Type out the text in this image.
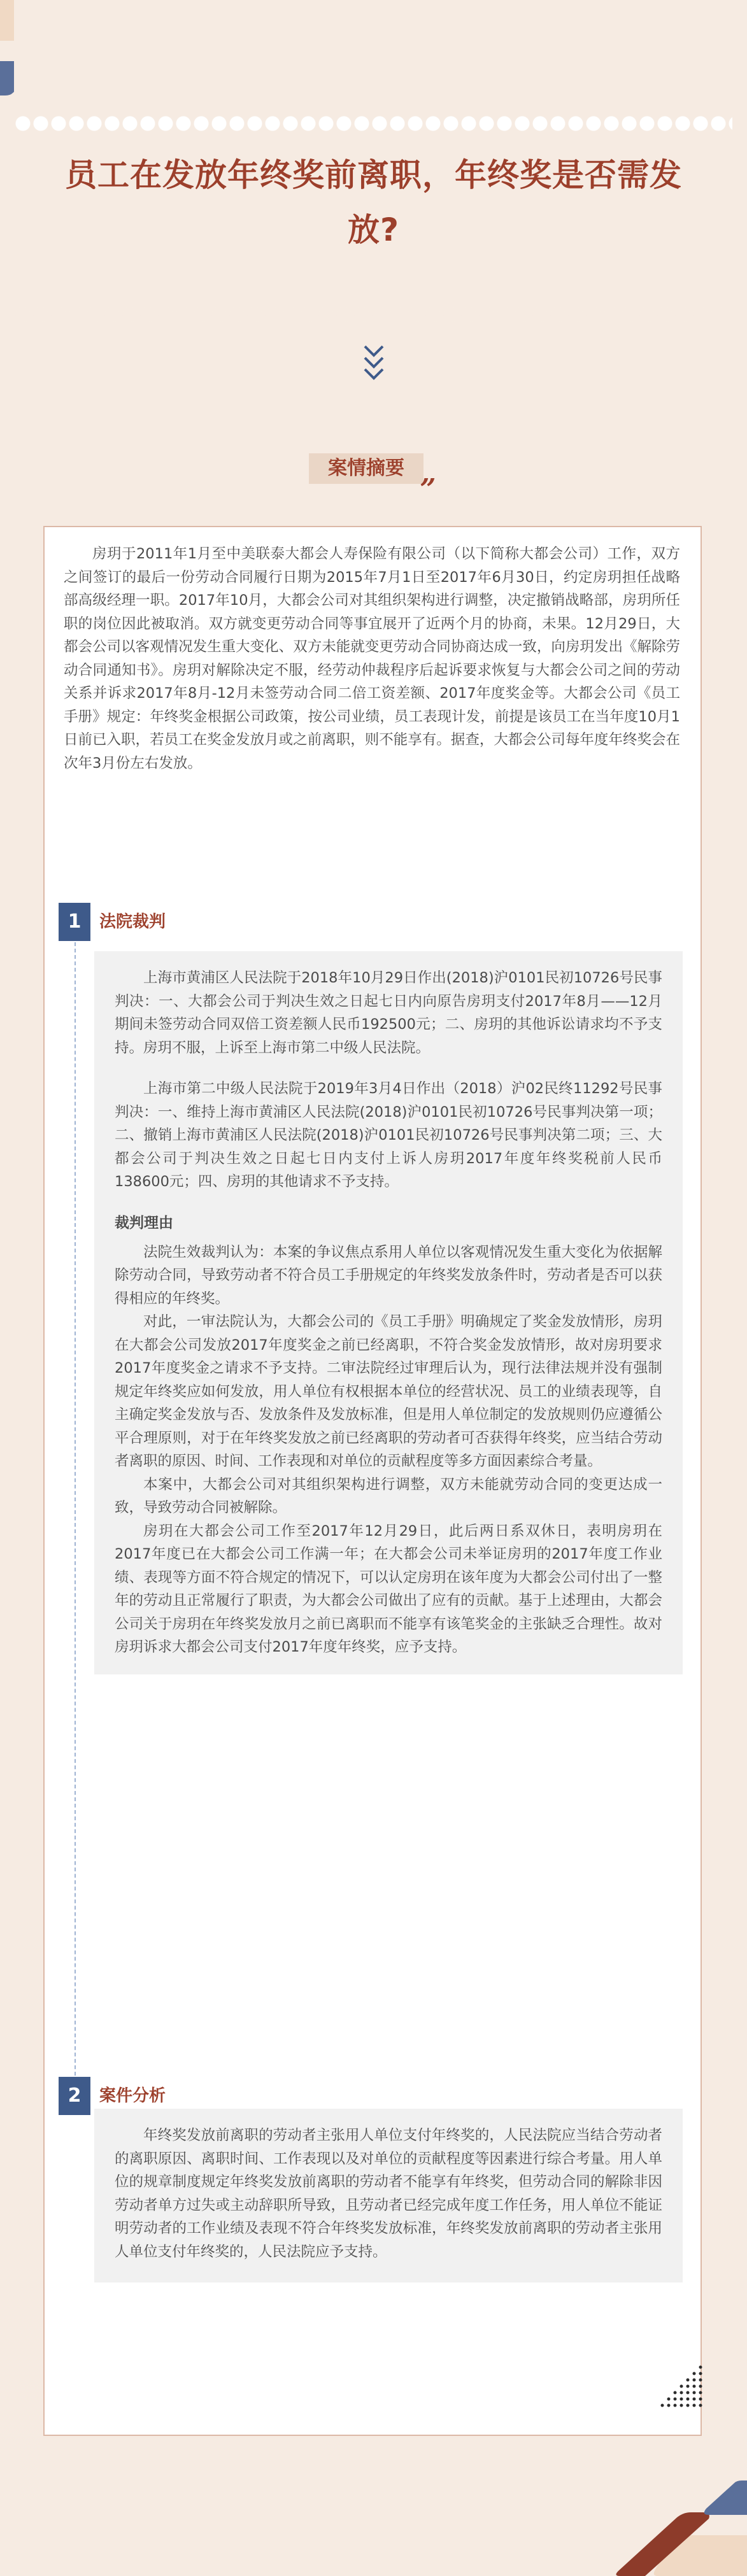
员工在发放年终奖前离职，年终奖是否需发放?
案情摘要 „

房玥于2011年1月至中美联泰大都会人寿保险有限公司（以下简称大都会公司）工作，双方之间签订的最后一份劳动合同履行日期为2015年7月1日至2017年6月30日，约定房玥担任战略部高级经理一职。2017年10月，大都会公司对其组织架构进行调整，决定撤销战略部，房玥所任职的岗位因此被取消。双方就变更劳动合同等事宜展开了近两个月的协商，未果。12月29日，大都会公司以客观情况发生重大变化、双方未能就变更劳动合同协商达成一致，向房玥发出《解除劳动合同通知书》。房玥对解除决定不服，经劳动仲裁程序后起诉要求恢复与大都会公司之间的劳动关系并诉求2017年8月-12月未签劳动合同二倍工资差额、2017年度奖金等。大都会公司《员工手册》规定：年终奖金根据公司政策，按公司业绩，员工表现计发，前提是该员工在当年度10月1日前已入职，若员工在奖金发放月或之前离职，则不能享有。据查，大都会公司每年度年终奖会在次年3月份左右发放。

1	法院裁判

上海市黄浦区人民法院于2018年10月29日作出(2018)沪0101民初10726号民事判决：一、大都会公司于判决生效之日起七日内向原告房玥支付2017年8月——12月期间未签劳动合同双倍工资差额人民币192500元；二、房玥的其他诉讼请求均不予支持。房玥不服，上诉至上海市第二中级人民法院。

上海市第二中级人民法院于2019年3月4日作出（2018）沪02民终11292号民事判决：一、维持上海市黄浦区人民法院(2018)沪0101民初10726号民事判决第一项；二、撤销上海市黄浦区人民法院(2018)沪0101民初10726号民事判决第二项；三、大都会公司于判决生效之日起七日内支付上诉人房玥2017年度年终奖税前人民币138600元；四、房玥的其他请求不予支持。

裁判理由

法院生效裁判认为：本案的争议焦点系用人单位以客观情况发生重大变化为依据解除劳动合同，导致劳动者不符合员工手册规定的年终奖发放条件时，劳动者是否可以获得相应的年终奖。

对此，一审法院认为，大都会公司的《员工手册》明确规定了奖金发放情形，房玥在大都会公司发放2017年度奖金之前已经离职，不符合奖金发放情形，故对房玥要求2017年度奖金之请求不予支持。二审法院经过审理后认为，现行法律法规并没有强制规定年终奖应如何发放，用人单位有权根据本单位的经营状况、员工的业绩表现等，自主确定奖金发放与否、发放条件及发放标准，但是用人单位制定的发放规则仍应遵循公平合理原则，对于在年终奖发放之前已经离职的劳动者可否获得年终奖，应当结合劳动者离职的原因、时间、工作表现和对单位的贡献程度等多方面因素综合考量。

本案中，大都会公司对其组织架构进行调整，双方未能就劳动合同的变更达成一致，导致劳动合同被解除。

房玥在大都会公司工作至2017年12月29日，此后两日系双休日，表明房玥在2017年度已在大都会公司工作满一年；在大都会公司未举证房玥的2017年度工作业绩、表现等方面不符合规定的情况下，可以认定房玥在该年度为大都会公司付出了一整年的劳动且正常履行了职责，为大都会公司做出了应有的贡献。基于上述理由，大都会公司关于房玥在年终奖发放月之前已离职而不能享有该笔奖金的主张缺乏合理性。故对房玥诉求大都会公司支付2017年度年终奖，应予支持。

2	案件分析

年终奖发放前离职的劳动者主张用人单位支付年终奖的，人民法院应当结合劳动者的离职原因、离职时间、工作表现以及对单位的贡献程度等因素进行综合考量。用人单位的规章制度规定年终奖发放前离职的劳动者不能享有年终奖，但劳动合同的解除非因劳动者单方过失或主动辞职所导致，且劳动者已经完成年度工作任务，用人单位不能证明劳动者的工作业绩及表现不符合年终奖发放标准，年终奖发放前离职的劳动者主张用人单位支付年终奖的，人民法院应予支持。
